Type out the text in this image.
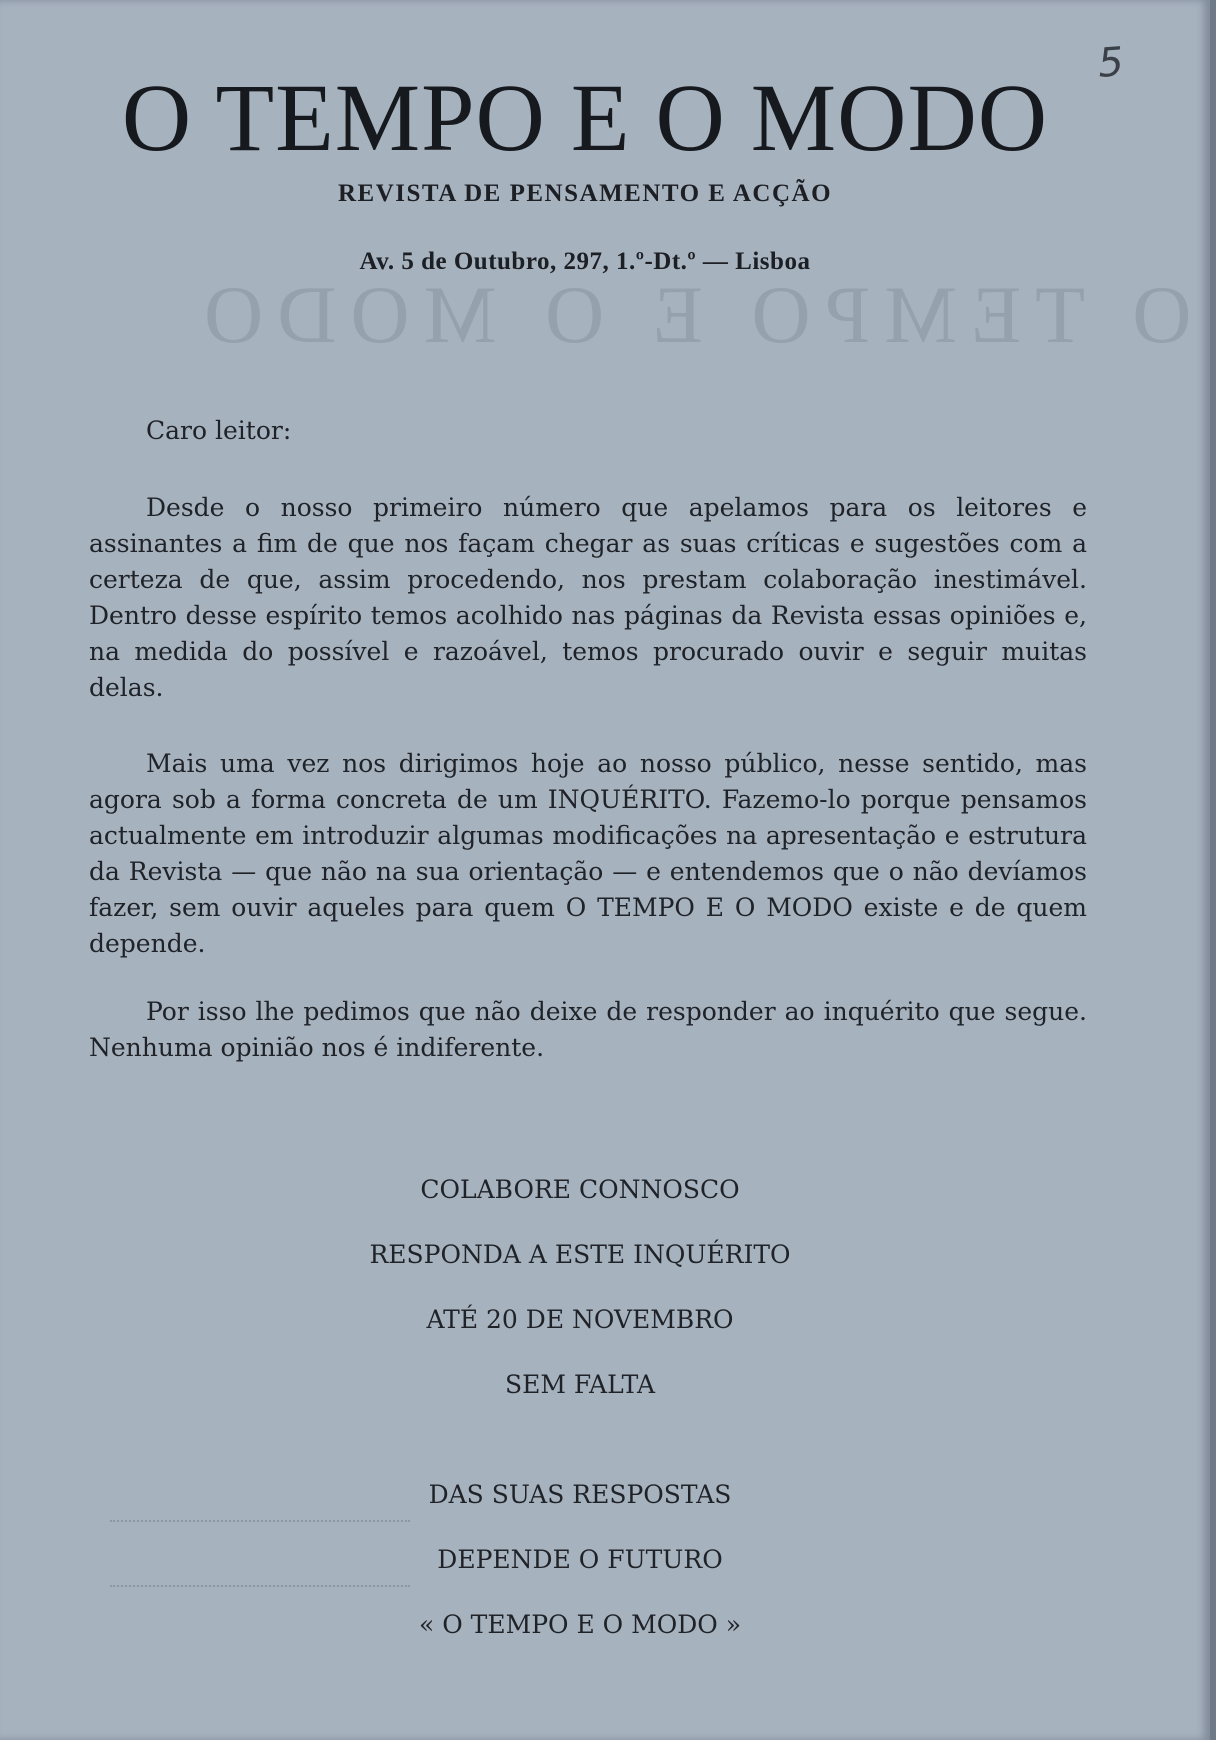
5
O TEMPO E O MODO
O TEMPO E O MODO
REVISTA DE PENSAMENTO E ACÇÃO
Av. 5 de Outubro, 297, 1.º-Dt.º — Lisboa
Caro leitor:

Desde o nosso primeiro número que apelamos para os leitores e assinantes a fim de que nos façam chegar as suas críticas e sugestões com a certeza de que, assim procedendo, nos prestam colaboração inestimável. Dentro desse espírito temos acolhido nas páginas da Revista essas opiniões e, na medida do possível e razoável, temos procurado ouvir e seguir muitas delas.

Mais uma vez nos dirigimos hoje ao nosso público, nesse sentido, mas agora sob a forma concreta de um INQUÉRITO. Fazemo-lo porque pensamos actualmente em introduzir algumas modificações na apresentação e estrutura da Revista — que não na sua orientação — e entendemos que o não devíamos fazer, sem ouvir aqueles para quem O TEMPO E O MODO existe e de quem depende.

Por isso lhe pedimos que não deixe de responder ao inquérito que segue. Nenhuma opinião nos é indiferente.

COLABORE CONNOSCO
RESPONDA A ESTE INQUÉRITO
ATÉ 20 DE NOVEMBRO
SEM FALTA
DAS SUAS RESPOSTAS
DEPENDE O FUTURO
« O TEMPO E O MODO »
